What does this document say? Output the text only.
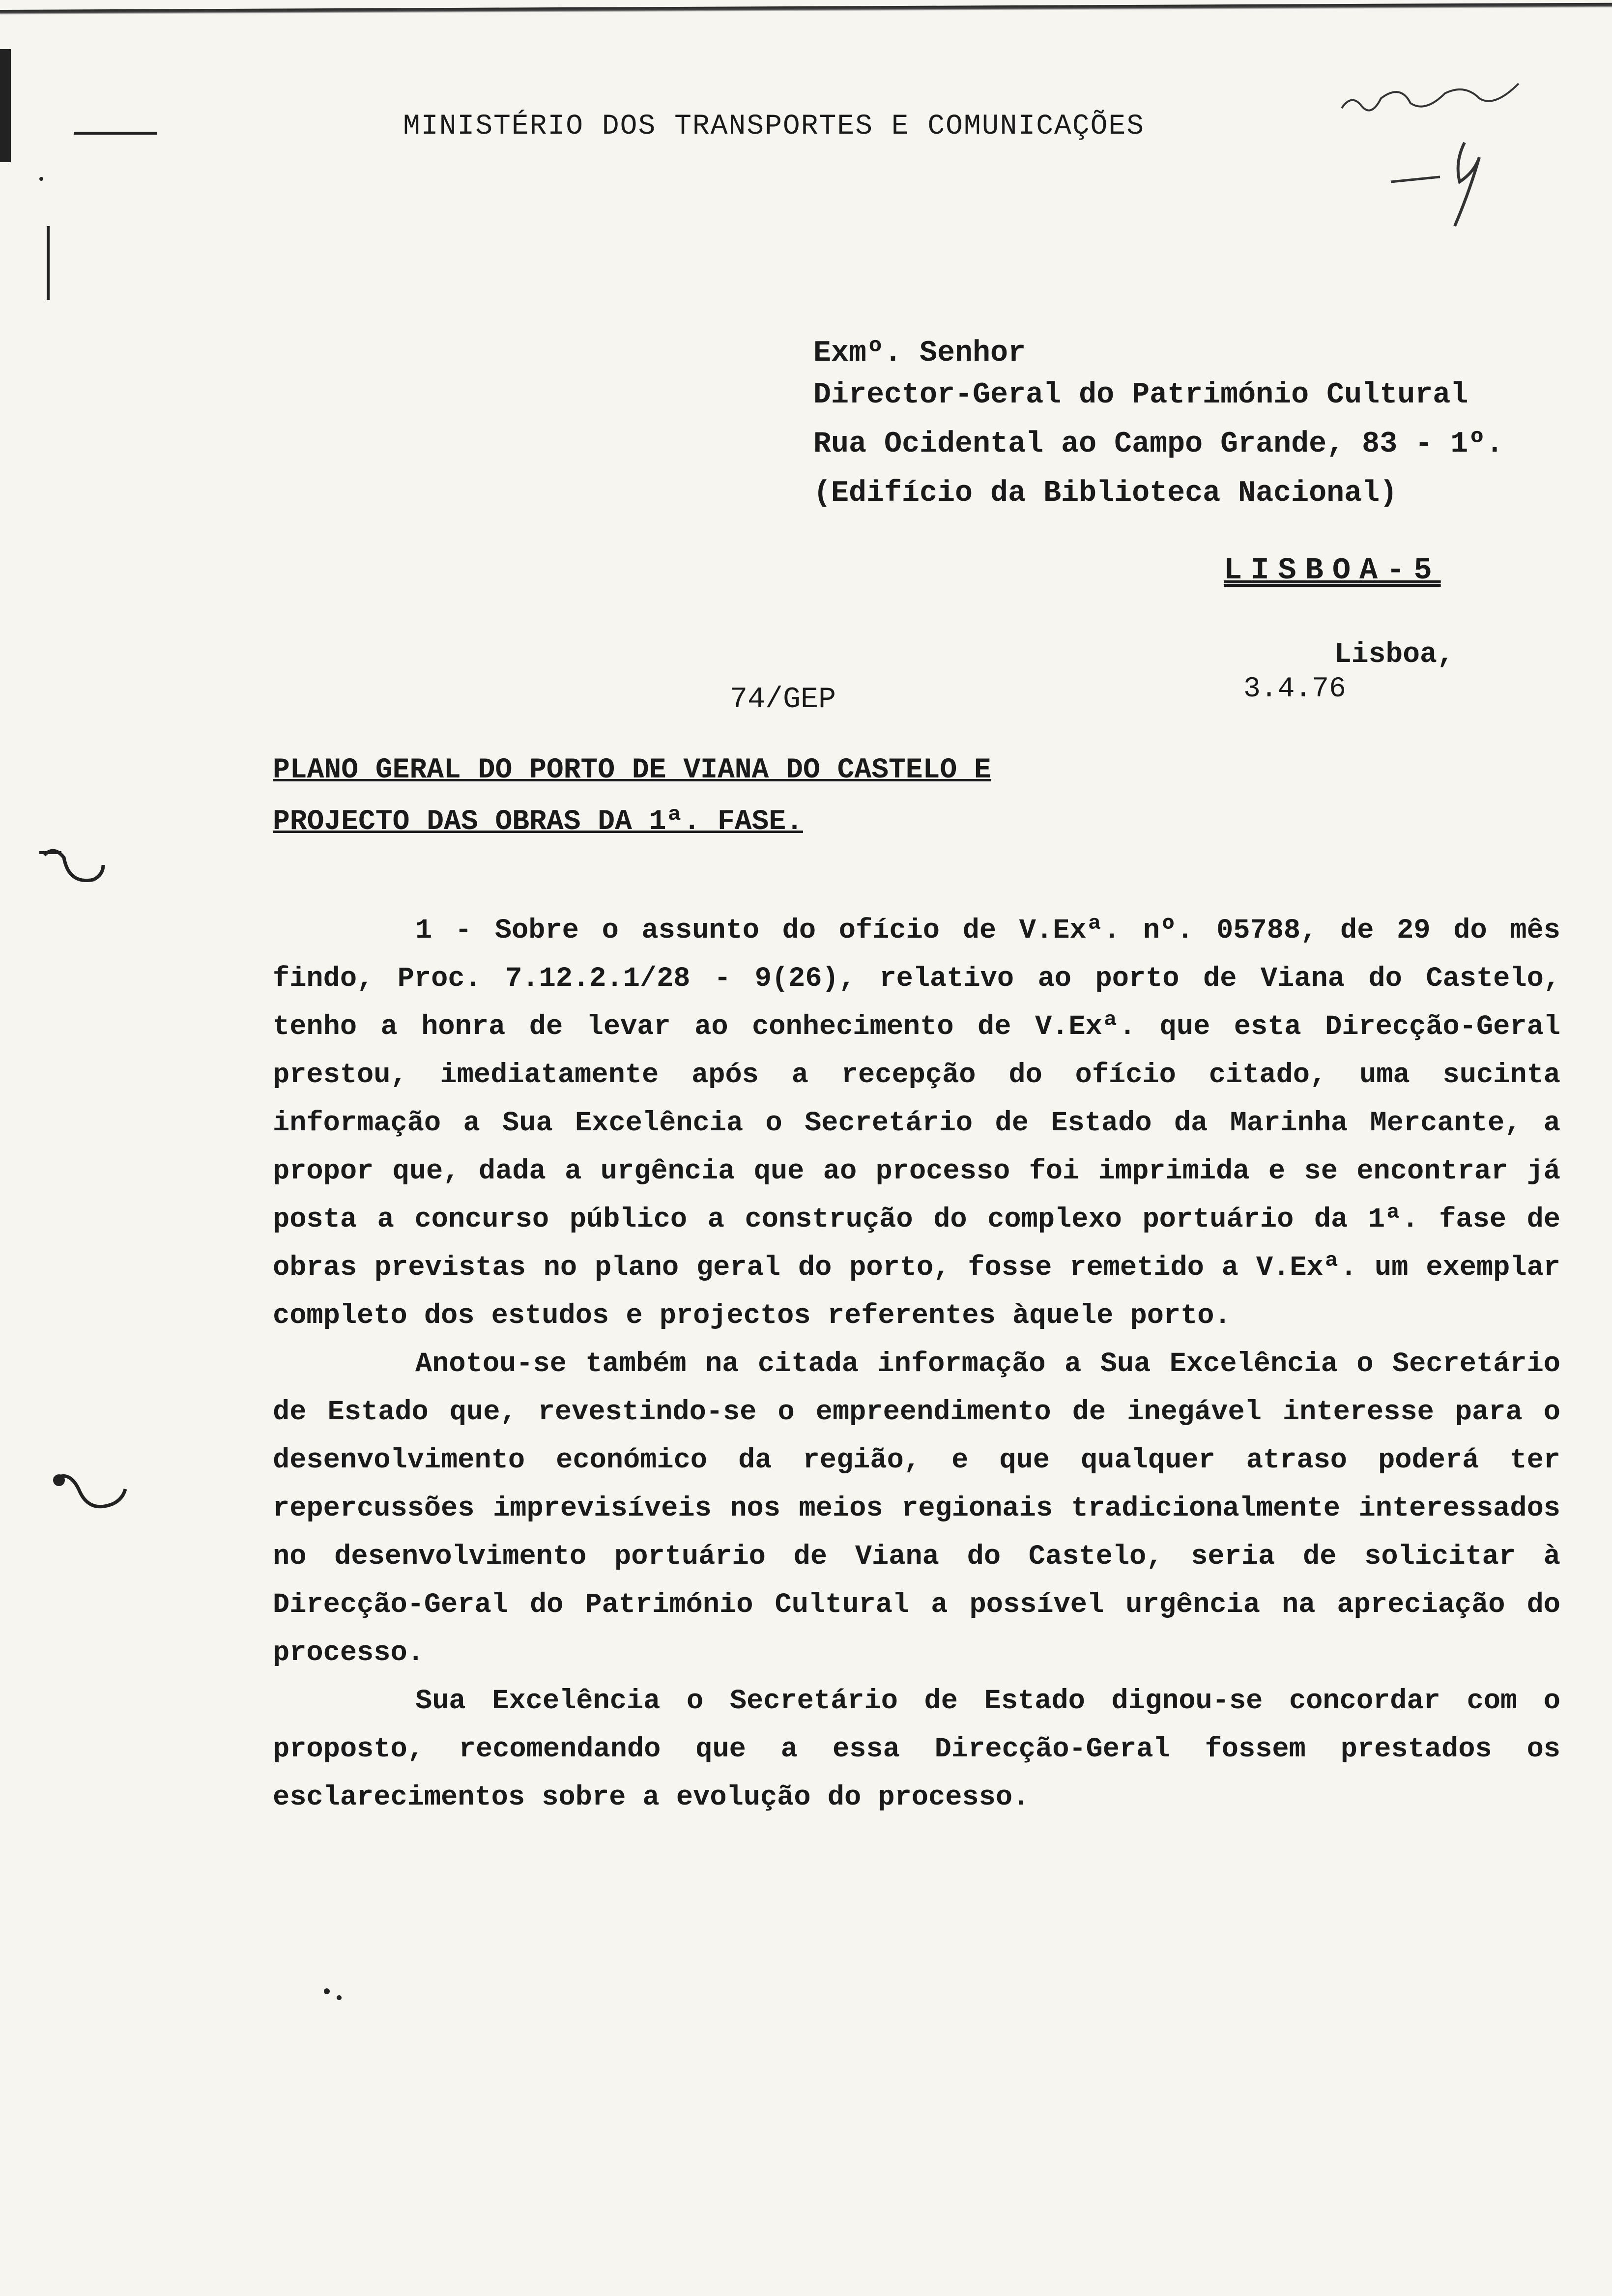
MINISTÉRIO DOS TRANSPORTES E COMUNICAÇÕES
Exmº. Senhor
Director-Geral do Património Cultural
Rua Ocidental ao Campo Grande, 83 - 1º.
(Edifício da Biblioteca Nacional)
LISBOA-5
Lisboa,
3.4.76
74/GEP
PLANO GERAL DO PORTO DE VIANA DO CASTELO E
PROJECTO DAS OBRAS DA 1ª. FASE.

1 - Sobre o assunto do ofício de V.Exª. nº. 05788, de 29 do mês findo, Proc. 7.12.2.1/28 - 9(26), relativo ao porto de Viana do Castelo, tenho a honra de levar ao conhecimento de V.Exª. que esta Direcção-Geral prestou, imediatamente após a recepção do ofício citado, uma sucinta informação a Sua Excelência o Secretário de Estado da Marinha Mercante, a propor que, dada a urgência que ao processo foi imprimida e se encontrar já posta a concurso público a construção do complexo portuário da 1ª. fase de obras previstas no plano geral do porto, fosse remetido a V.Exª. um exemplar completo dos estudos e projectos referentes àquele porto.

Anotou-se também na citada informação a Sua Excelência o Secretário de Estado que, revestindo-se o empreendimento de inegável interesse para o desenvolvimento económico da região, e que qualquer atraso poderá ter repercussões imprevisíveis nos meios regionais tradicionalmente interessados no desenvolvimento portuário de Viana do Castelo, seria de solicitar à Direcção-Geral do Património Cultural a possível urgência na apreciação do processo.

Sua Excelência o Secretário de Estado dignou-se concordar com o proposto, recomendando que a essa Direcção-Geral fossem prestados os esclarecimentos sobre a evolução do processo.
